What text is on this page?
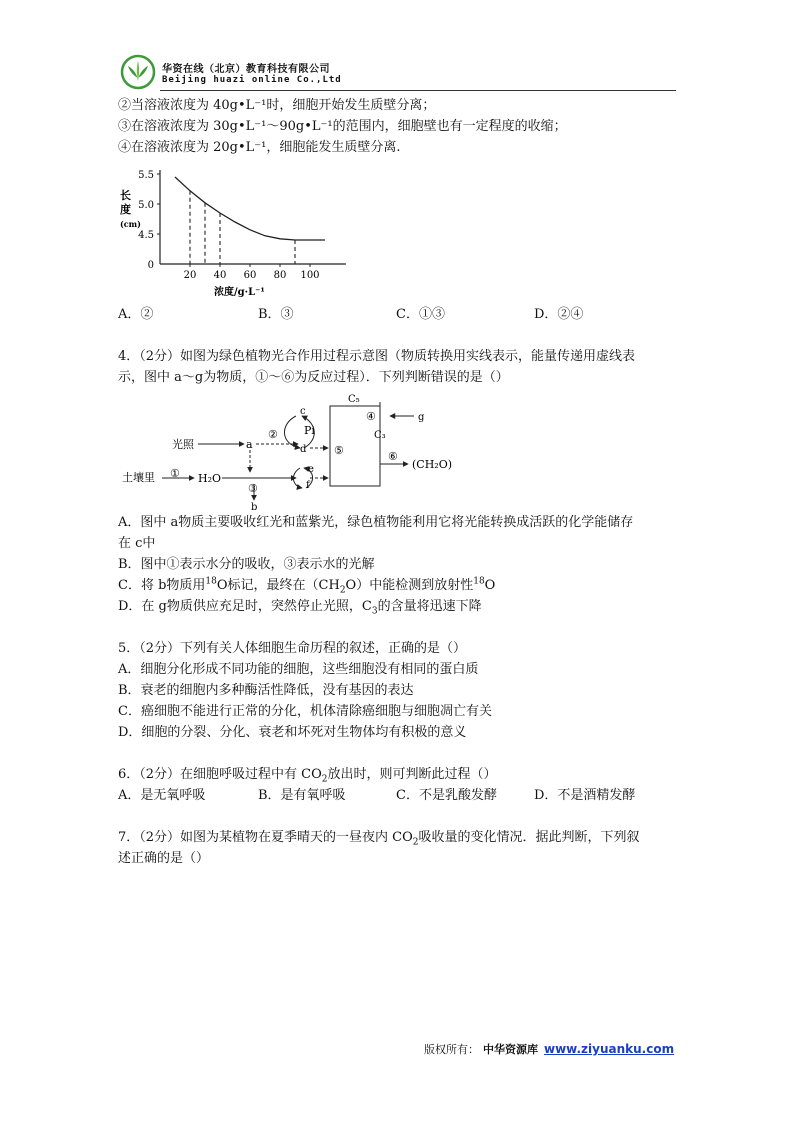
华资在线（北京）教育科技有限公司
Beijing huazi online Co.,Ltd
②当溶液浓度为 40g•L⁻¹时，细胞开始发生质壁分离；
③在溶液浓度为 30g•L⁻¹～90g•L⁻¹的范围内，细胞壁也有一定程度的收缩；
④在溶液浓度为 20g•L⁻¹，细胞能发生质壁分离.
5.5
5.0
4.5
0
20 40 60 80 100
长
度
(cm)
浓度/g·L⁻¹
A．②	B．③	C．①③	D．②④
4．（2分）如图为绿色植物光合作用过程示意图（物质转换用实线表示，能量传递用虚线表
示，图中 a～g为物质，①～⑥为反应过程）．下列判断错误的是（）
光照	a
②
c
Pi
d
土壤里 ① H₂O
③
b
e
f
⑤
C₅
④	g
C₃
⑥
(CH₂O)
A．图中 a物质主要吸收红光和蓝紫光，绿色植物能利用它将光能转换成活跃的化学能储存
在 c中
B．图中①表示水分的吸收，③表示水的光解
C．将 b物质用$^{18}$O标记，最终在$(CH_2O)$中能检测到放射性$^{18}$O
D．在 g物质供应充足时，突然停止光照，$C_3$的含量将迅速下降
5．（2分）下列有关人体细胞生命历程的叙述，正确的是（）
A．细胞分化形成不同功能的细胞，这些细胞没有相同的蛋白质
B．衰老的细胞内多种酶活性降低，没有基因的表达
C．癌细胞不能进行正常的分化，机体清除癌细胞与细胞凋亡有关
D．细胞的分裂、分化、衰老和坏死对生物体均有积极的意义
6．（2分）在细胞呼吸过程中有 $CO_2$放出时，则可判断此过程（）
A．是无氧呼吸	B．是有氧呼吸	C．不是乳酸发酵	D．不是酒精发酵
7．（2分）如图为某植物在夏季晴天的一昼夜内 $CO_2$吸收量的变化情况．据此判断，下列叙
述正确的是（）
版权所有： 中华资源库 www.ziyuanku.com
